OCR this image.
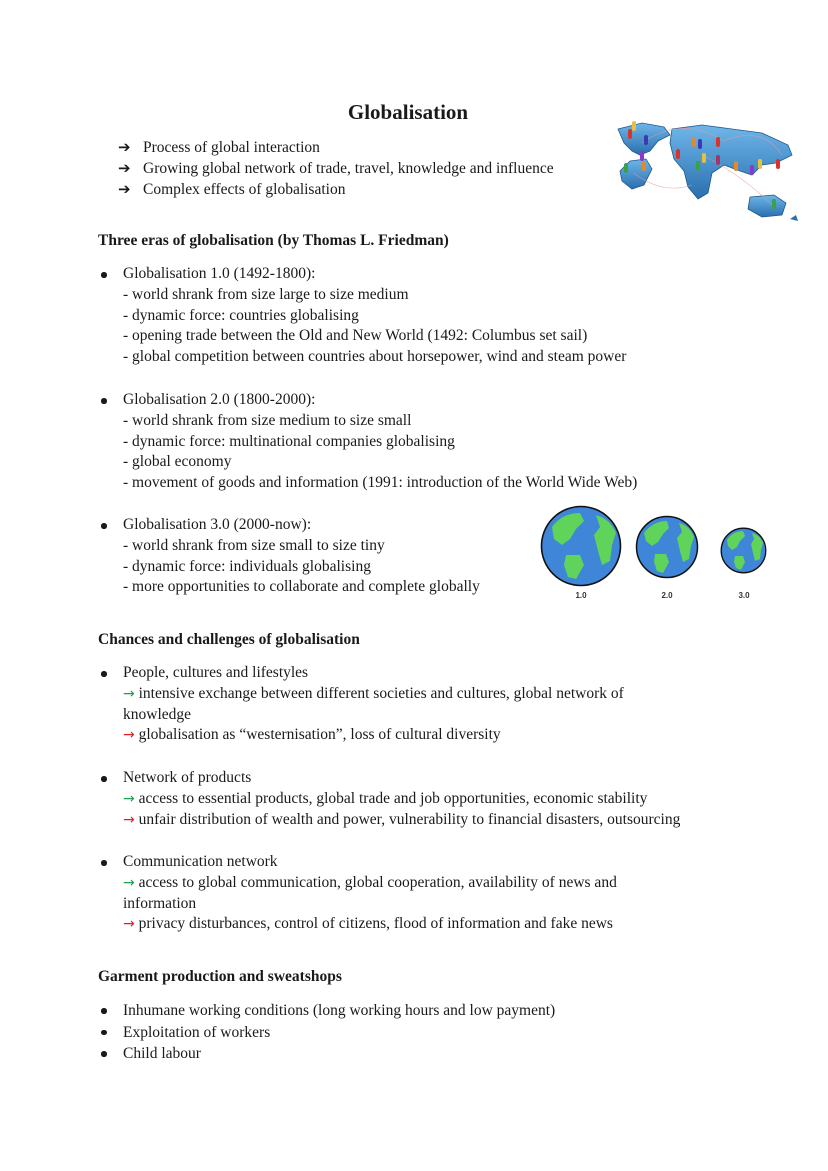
Globalisation
➔ Process of global interaction
➔ Growing global network of trade, travel, knowledge and influence
➔ Complex effects of globalisation
Three eras of globalisation (by Thomas L. Friedman)
Globalisation 1.0 (1492-1800):
- world shrank from size large to size medium
- dynamic force: countries globalising
- opening trade between the Old and New World (1492: Columbus set sail)
- global competition between countries about horsepower, wind and steam power
Globalisation 2.0 (1800-2000):
- world shrank from size medium to size small
- dynamic force: multinational companies globalising
- global economy
- movement of goods and information (1991: introduction of the World Wide Web)
Globalisation 3.0 (2000-now):
- world shrank from size small to size tiny
- dynamic force: individuals globalising
- more opportunities to collaborate and complete globally
1.0	2.0	3.0
Chances and challenges of globalisation
People, cultures and lifestyles
→ intensive exchange between different societies and cultures, global network of knowledge
→ globalisation as “westernisation”, loss of cultural diversity
Network of products
→ access to essential products, global trade and job opportunities, economic stability
→ unfair distribution of wealth and power, vulnerability to financial disasters, outsourcing
Communication network
→ access to global communication, global cooperation, availability of news and information
→ privacy disturbances, control of citizens, flood of information and fake news
Garment production and sweatshops
Inhumane working conditions (long working hours and low payment)
Exploitation of workers
Child labour
